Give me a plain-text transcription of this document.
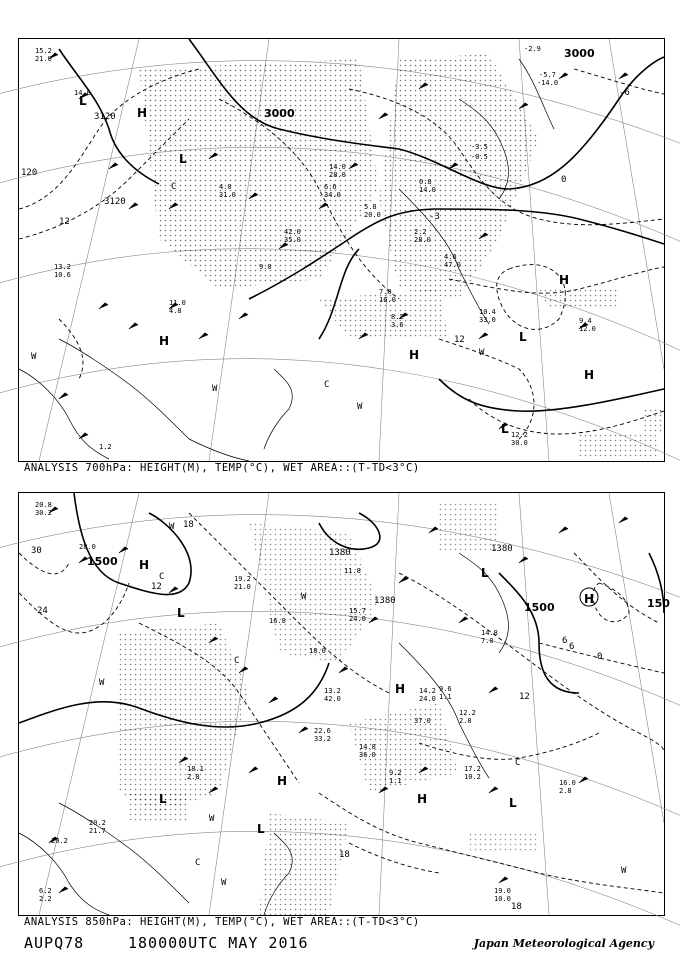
3000
3000
3120
3120
120
12
12
0
-6
-3
H
H
H
H
H
L
L
L
L
W
W
W
W
C
C
15.2
21.0
14.0
11.0
4.8	10.4
33.0
12.2
30.0
9.4
12.0
8.2
3.6
7.0
16.0
42.0
35.0
5.8
20.0
2.2
28.0
4.6
47.0
0.8
14.0
13.2
10.6
1.2
14.0
28.0
6.6
34.0
4.0
31.0
9.0
-0.5
-3.5
-5.7
-2.9
-14.0
ANALYSIS 700hPa: HEIGHT(M), TEMP(°C), WET AREA::(T-TD<3°C)
1500
1500
1380
1380	150
1380
30
24
18
12
6
0
18
12
6
18
H
H
H
H
H
L
L
L
L
L
W
W
W
W
W
W
C
C
C
C
20.8
30.2
28.0
19.2
21.0
16.8
15.7
24.0
18.0
14.2
24.0
17.2
10.2
16.0
2.8
20.2
21.7
20.2
11.8
37.0
14.8
36.0
12.2
2.8
9.2
1.1
19.0
10.0
18.1
2.0
14.8
9.6
1.1
7.0
6.2
2.2
13.2
42.0
22.6
33.2
ANALYSIS 850hPa: HEIGHT(M), TEMP(°C), WET AREA::(T-TD<3°C)
AUPQ78	180000UTC MAY 2016	Japan Meteorological Agency
